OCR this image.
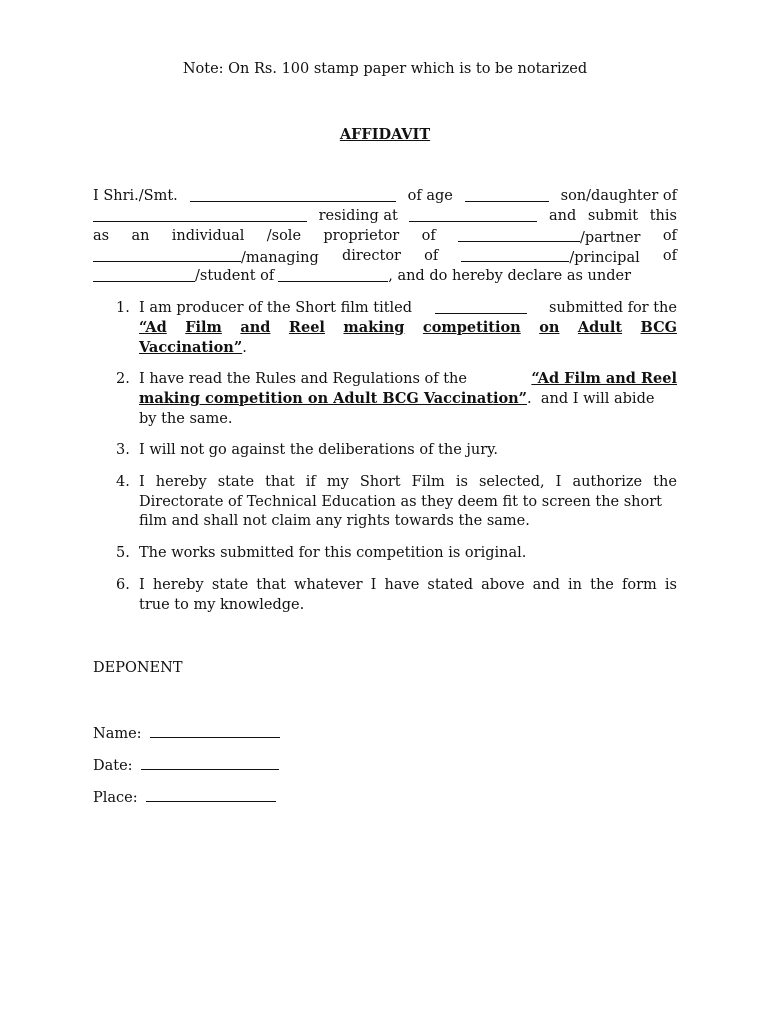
Note: On Rs. 100 stamp paper which is to be notarized
AFFIDAVIT
I Shri./Smt.	of age	son/daughter of
residing at	and submit this
as an individual /sole proprietor of	/partner of
/managing director of	/principal of
/student of	, and do hereby declare as under
1. I am producer of the Short film titled	submitted for the
“Ad Film and Reel making competition on Adult BCG
Vaccination” .
2. I have read the Rules and Regulations of the	“Ad Film and Reel
making competition on Adult BCG Vaccination” .  and I will abide
by the same.
3. I will not go against the deliberations of the jury.
4. I hereby state that if my Short Film is selected, I authorize the
Directorate of Technical Education as they deem fit to screen the short
film and shall not claim any rights towards the same.
5. The works submitted for this competition is original.
6. I hereby state that whatever I have stated above and in the form is
true to my knowledge.
DEPONENT
Name:
Date:
Place:
